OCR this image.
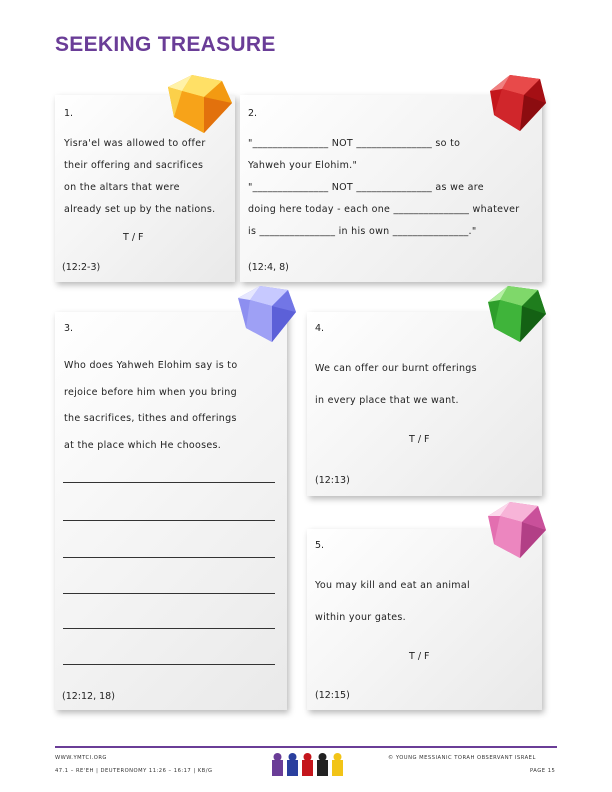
SEEKING TREASURE
1.
Yisra'el was allowed to offer
their offering and sacrifices
on the altars that were
already set up by the nations.
T / F
(12:2-3)
2.
"_______________ NOT _______________ so to
Yahweh your Elohim."
"_______________ NOT _______________ as we are
doing here today - each one _______________ whatever
is _______________ in his own _______________."
(12:4, 8)
3.
Who does Yahweh Elohim say is to
rejoice before him when you bring
the sacrifices, tithes and offerings
at the place which He chooses.
(12:12, 18)
4.
We can offer our burnt offerings
in every place that we want.
T / F
(12:13)
5.
You may kill and eat an animal
within your gates.
T / F
(12:15)
WWW.YMTCI.ORG
47.1 – RE'EH | DEUTERONOMY 11:26 – 16:17 | KB/G
© YOUNG MESSIANIC TORAH OBSERVANT ISRAEL
PAGE 15
